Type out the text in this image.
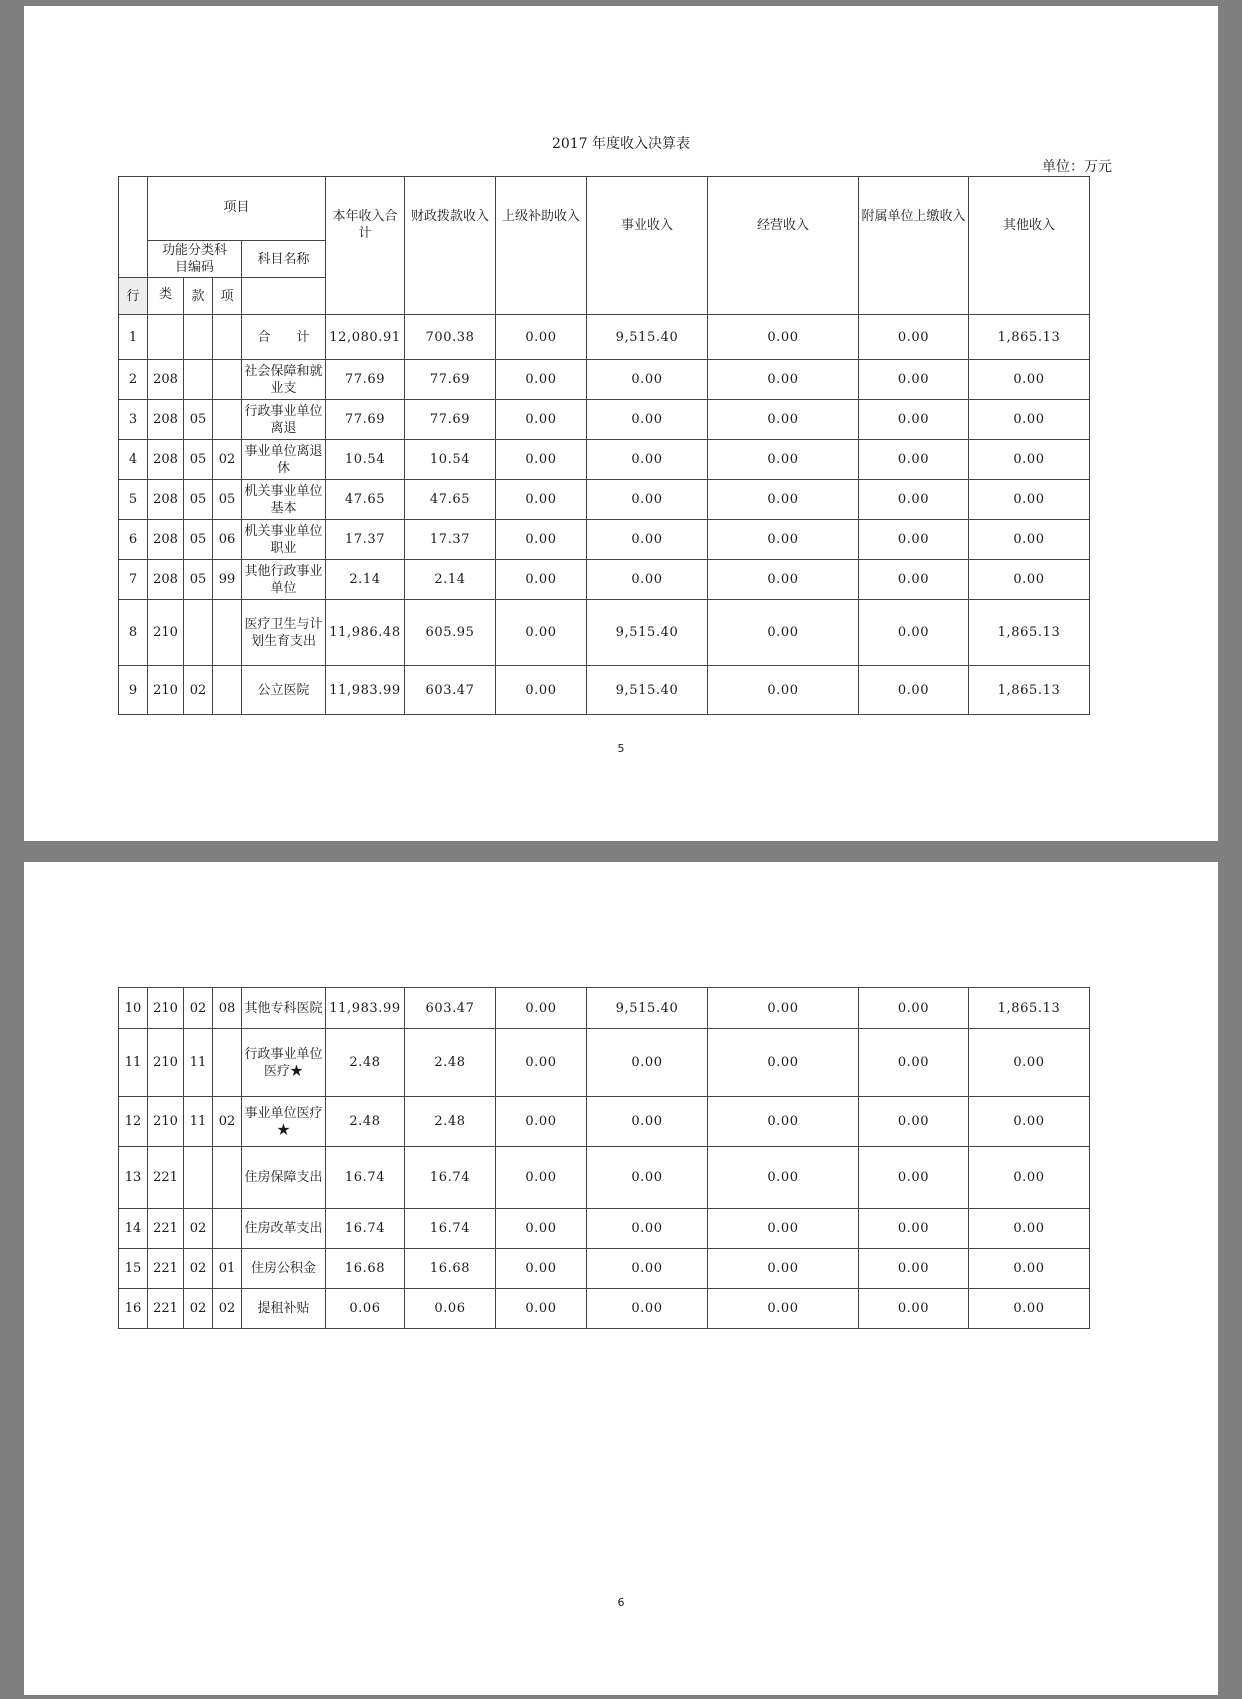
2017 年度收入决算表
单位：万元
	项目				本年收入合计	财政拨款收入	上级补助收入	事业收入	经营收入	附属单位上缴收入	其他收入
	功能分类科目编码			科目名称							
行	类	款	项								
1				合　　计	12,080.91	700.38	0.00	9,515.40	0.00	0.00	1,865.13
2	208			社会保障和就业支	77.69	77.69	0.00	0.00	0.00	0.00	0.00
3	208	05		行政事业单位离退	77.69	77.69	0.00	0.00	0.00	0.00	0.00
4	208	05	02	事业单位离退休	10.54	10.54	0.00	0.00	0.00	0.00	0.00
5	208	05	05	机关事业单位基本	47.65	47.65	0.00	0.00	0.00	0.00	0.00
6	208	05	06	机关事业单位职业	17.37	17.37	0.00	0.00	0.00	0.00	0.00
7	208	05	99	其他行政事业单位	2.14	2.14	0.00	0.00	0.00	0.00	0.00
8	210			医疗卫生与计划生育支出	11,986.48	605.95	0.00	9,515.40	0.00	0.00	1,865.13
9	210	02		公立医院	11,983.99	603.47	0.00	9,515.40	0.00	0.00	1,865.13
5
10	210	02	08	其他专科医院	11,983.99	603.47	0.00	9,515.40	0.00	0.00	1,865.13
11	210	11		行政事业单位医疗★	2.48	2.48	0.00	0.00	0.00	0.00	0.00
12	210	11	02	事业单位医疗★	2.48	2.48	0.00	0.00	0.00	0.00	0.00
13	221			住房保障支出	16.74	16.74	0.00	0.00	0.00	0.00	0.00
14	221	02		住房改革支出	16.74	16.74	0.00	0.00	0.00	0.00	0.00
15	221	02	01	住房公积金	16.68	16.68	0.00	0.00	0.00	0.00	0.00
16	221	02	02	提租补贴	0.06	0.06	0.00	0.00	0.00	0.00	0.00
6
